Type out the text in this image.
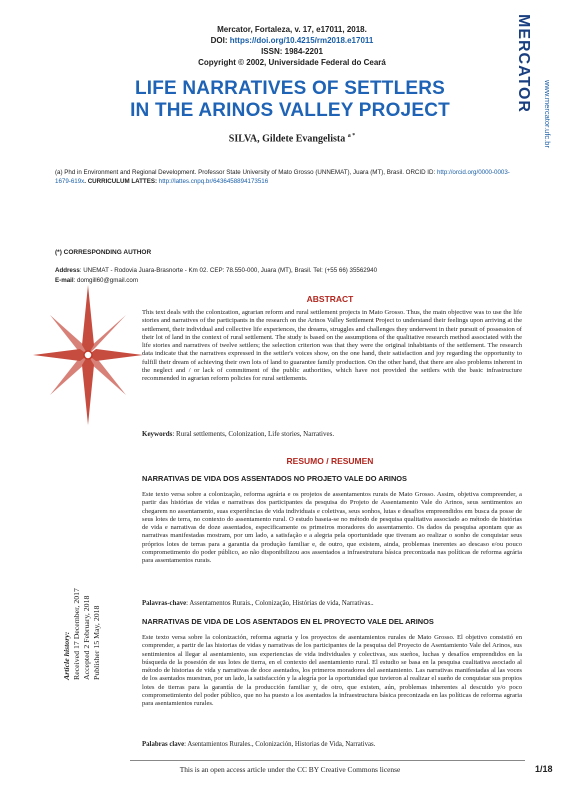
MERCATOR
www.mercator.ufc.br
Mercator, Fortaleza, v. 17, e17011, 2018.
DOI: https://doi.org/10.4215/rm2018.e17011
ISSN: 1984-2201
Copyright © 2002, Universidade Federal do Ceará
LIFE NARRATIVES OF SETTLERS
IN THE ARINOS VALLEY PROJECT
SILVA, Gildete Evangelista $^{a *}$
(a) Phd in Environment and Regional Development. Professor State University of Mato Grosso (UNNEMAT), Juara (MT), Brasil. ORCID ID: http://orcid.org/0000-0003-1679-619x. CURRICULUM LATTES: http://lattes.cnpq.br/6436458894173516
(*) CORRESPONDING AUTHOR
Address: UNEMAT - Rodovia Juara-Brasnorte - Km 02. CEP: 78.550-000, Juara (MT), Brasil. Tel: (+55 66) 35562940
E-mail: domgill60@gmail.com
ABSTRACT
This text deals with the colonization, agrarian reform and rural settlement projects in Mato Grosso. Thus, the main objective was to use the life stories and narratives of the participants in the research on the Arinos Valley Settlement Project to understand their feelings upon arriving at the settlement, their individual and collective life experiences, the dreams, struggles and challenges they underwent in their pursuit of possession of their lot of land in the context of rural settlement. The study is based on the assumptions of the qualitative research method associated with the life stories and narratives of twelve settlers; the selection criterion was that they were the original inhabitants of the settlement. The research data indicate that the narratives expressed in the settler's voices show, on the one hand, their satisfaction and joy regarding the opportunity to fulfill their dream of achieving their own lots of land to guarantee family production. On the other hand, that there are also problems inherent in the neglect and / or lack of commitment of the public authorities, which have not provided the settlers with the basic infrastructure recommended in agrarian reform policies for rural settlements.
Keywords: Rural settlements, Colonization, Life stories, Narratives.
RESUMO / RESUMEN
NARRATIVAS DE VIDA DOS ASSENTADOS NO PROJETO VALE DO ARINOS
Este texto versa sobre a colonização, reforma agrária e os projetos de assentamentos rurais de Mato Grosso. Assim, objetiva compreender, a partir das histórias de vidas e narrativas dos participantes da pesquisa do Projeto de Assentamento Vale do Arinos, seus sentimentos ao chegarem no assentamento, suas experiências de vida individuais e coletivas, seus sonhos, lutas e desafios empreendidos em busca da posse de seus lotes de terra, no contexto do assentamento rural. O estudo baseia-se no método de pesquisa qualitativa associado ao método de histórias de vida e narrativas de doze assentados, especificamente os primeiros moradores do assentamento. Os dados da pesquisa apontam que as narrativas manifestadas mostram, por um lado, a satisfação e a alegria pela oportunidade que tiveram ao realizar o sonho de conquistar seus próprios lotes de terras para a garantia da produção familiar e, de outro, que existem, ainda, problemas inerentes ao descaso e/ou pouco comprometimento do poder público, ao não disponibilizou aos assentados a infraestrutura básica preconizada nas políticas de reforma agrária para assentamentos rurais.
Palavras-chave: Assentamentos Rurais., Colonização, Histórias de vida, Narrativas..
NARRATIVAS DE VIDA DE LOS ASENTADOS EN EL PROYECTO VALE DEL ARINOS
Este texto versa sobre la colonización, reforma agraria y los proyectos de asentamientos rurales de Mato Grosso. El objetivo consistió en comprender, a partir de las historias de vidas y narrativas de los participantes de la pesquisa del Proyecto de Asentamiento Vale del Arinos, sus sentimientos al llegar al asentamiento, sus experiencias de vida individuales y colectivas, sus sueños, luchas y desafíos emprendidos en la búsqueda de la posesión de sus lotes de tierra, en el contexto del asentamiento rural. El estudio se basa en la pesquisa cualitativa asociado al método de historias de vida y narrativas de doce asentados, los primeros moradores del asentamiento. Las narrativas manifestadas al las voces de los asentados muestran, por un lado, la satisfacción y la alegría por la oportunidad que tuvieron al realizar el sueño de conquistar sus propios lotes de tierras para la garantía de la producción familiar y, de otro, que existen, aún, problemas inherentes al descuido y/o poco comprometimiento del poder público, que no ha puesto a los asentados la infraestructura básica preconizada en las políticas de reforma agraria para asentamientos rurales.
Palabras clave: Asentamientos Rurales., Colonización, Historias de Vida, Narrativas.
Article history: Received 17 December, 2017 Accepted 2 February, 2018 Publisher 15 May, 2018
This is an open access article under the CC BY Creative Commons license	1/18
